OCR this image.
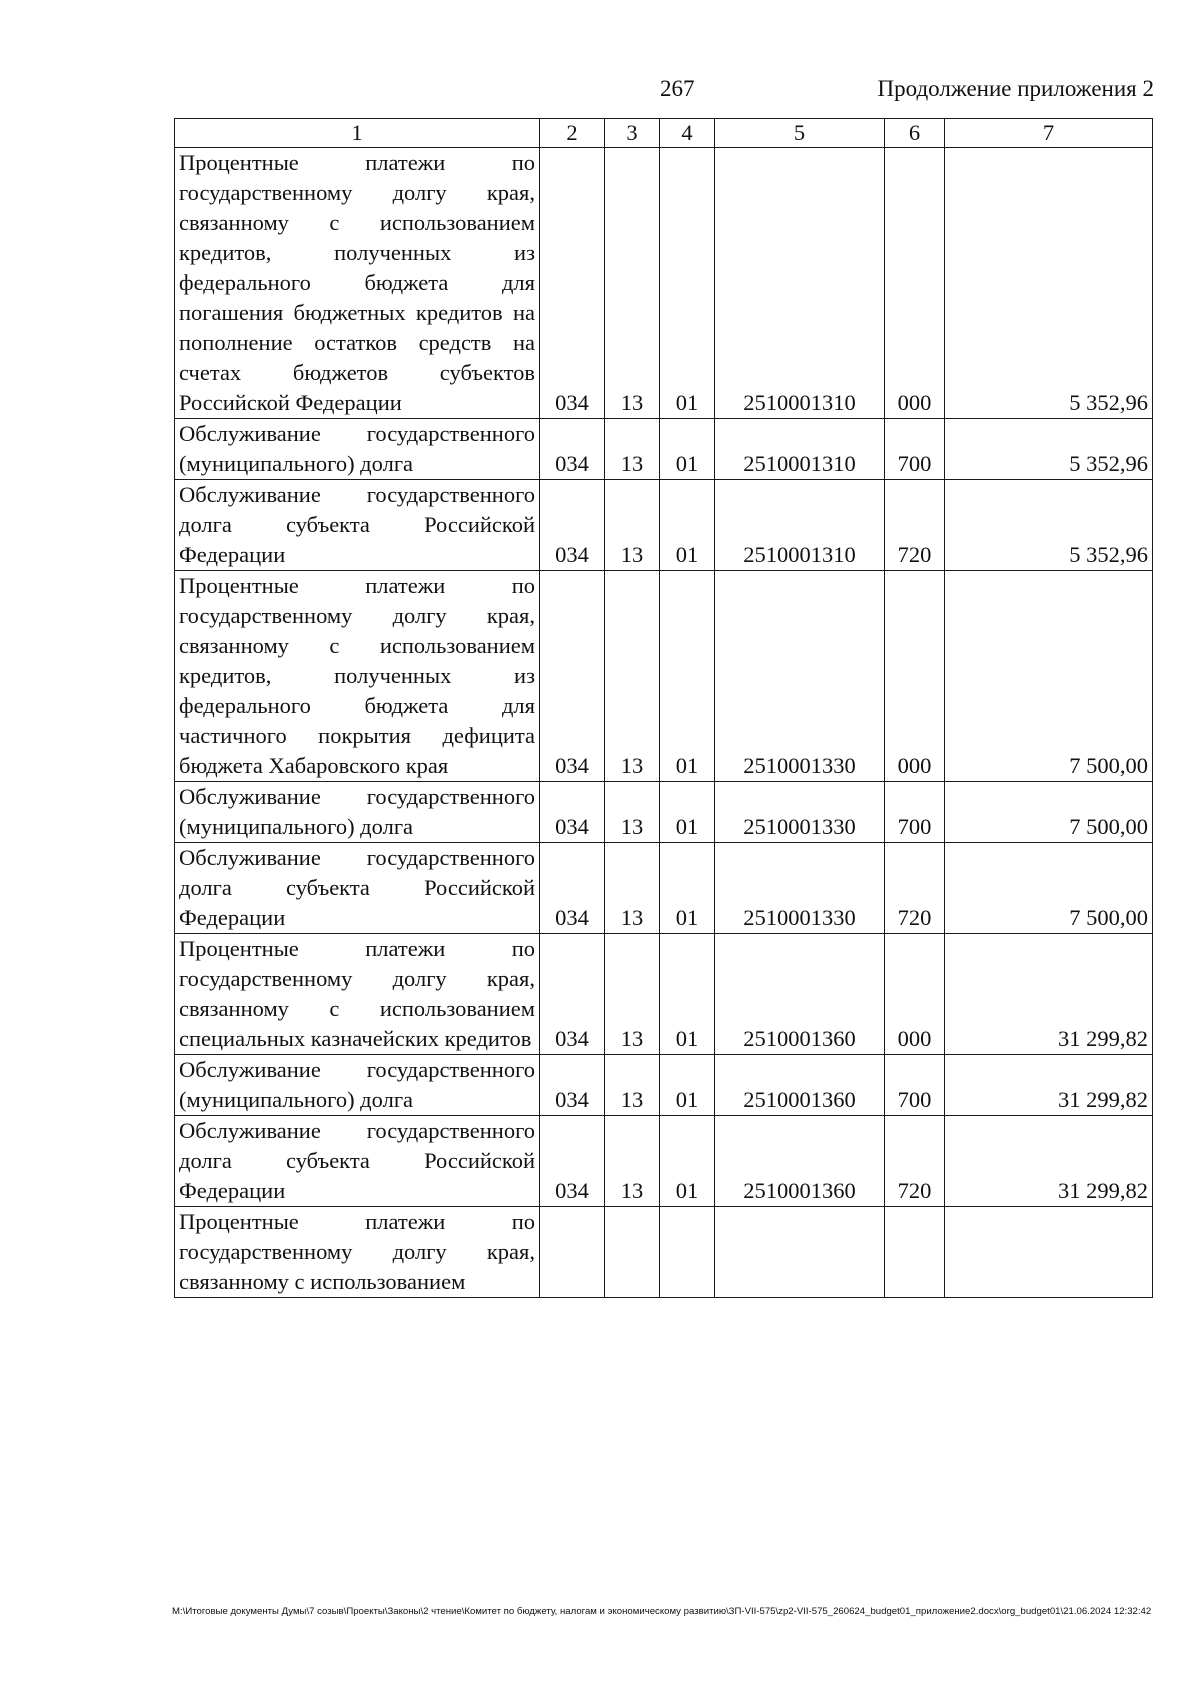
267	Продолжение приложения 2
1	2	3	4	5	6	7
Процентные платежи по государственному долгу края, связанному с использованием кредитов, полученных из федерального бюджета для погашения бюджетных кредитов на пополнение остатков средств на счетах бюджетов субъектов Российской Федерации	034	13	01	2510001310	000	5 352,96
Обслуживание государственного (муниципального) долга	034	13	01	2510001310	700	5 352,96
Обслуживание государственного долга субъекта Российской Федерации	034	13	01	2510001310	720	5 352,96
Процентные платежи по государственному долгу края, связанному с использованием кредитов, полученных из федерального бюджета для частичного покрытия дефицита бюджета Хабаровского края	034	13	01	2510001330	000	7 500,00
Обслуживание государственного (муниципального) долга	034	13	01	2510001330	700	7 500,00
Обслуживание государственного долга субъекта Российской Федерации	034	13	01	2510001330	720	7 500,00
Процентные платежи по государственному долгу края, связанному с использованием специальных казначейских кредитов	034	13	01	2510001360	000	31 299,82
Обслуживание государственного (муниципального) долга	034	13	01	2510001360	700	31 299,82
Обслуживание государственного долга субъекта Российской Федерации	034	13	01	2510001360	720	31 299,82
Процентные платежи по государственному долгу края, связанному с использованием						
M:\Итоговые документы Думы\7 созыв\Проекты\Законы\2 чтение\Комитет по бюджету, налогам и экономическому развитию\ЗП-VII-575\zp2-VII-575_260624_budget01_приложение2.docx\org_budget01\21.06.2024 12:32:42
